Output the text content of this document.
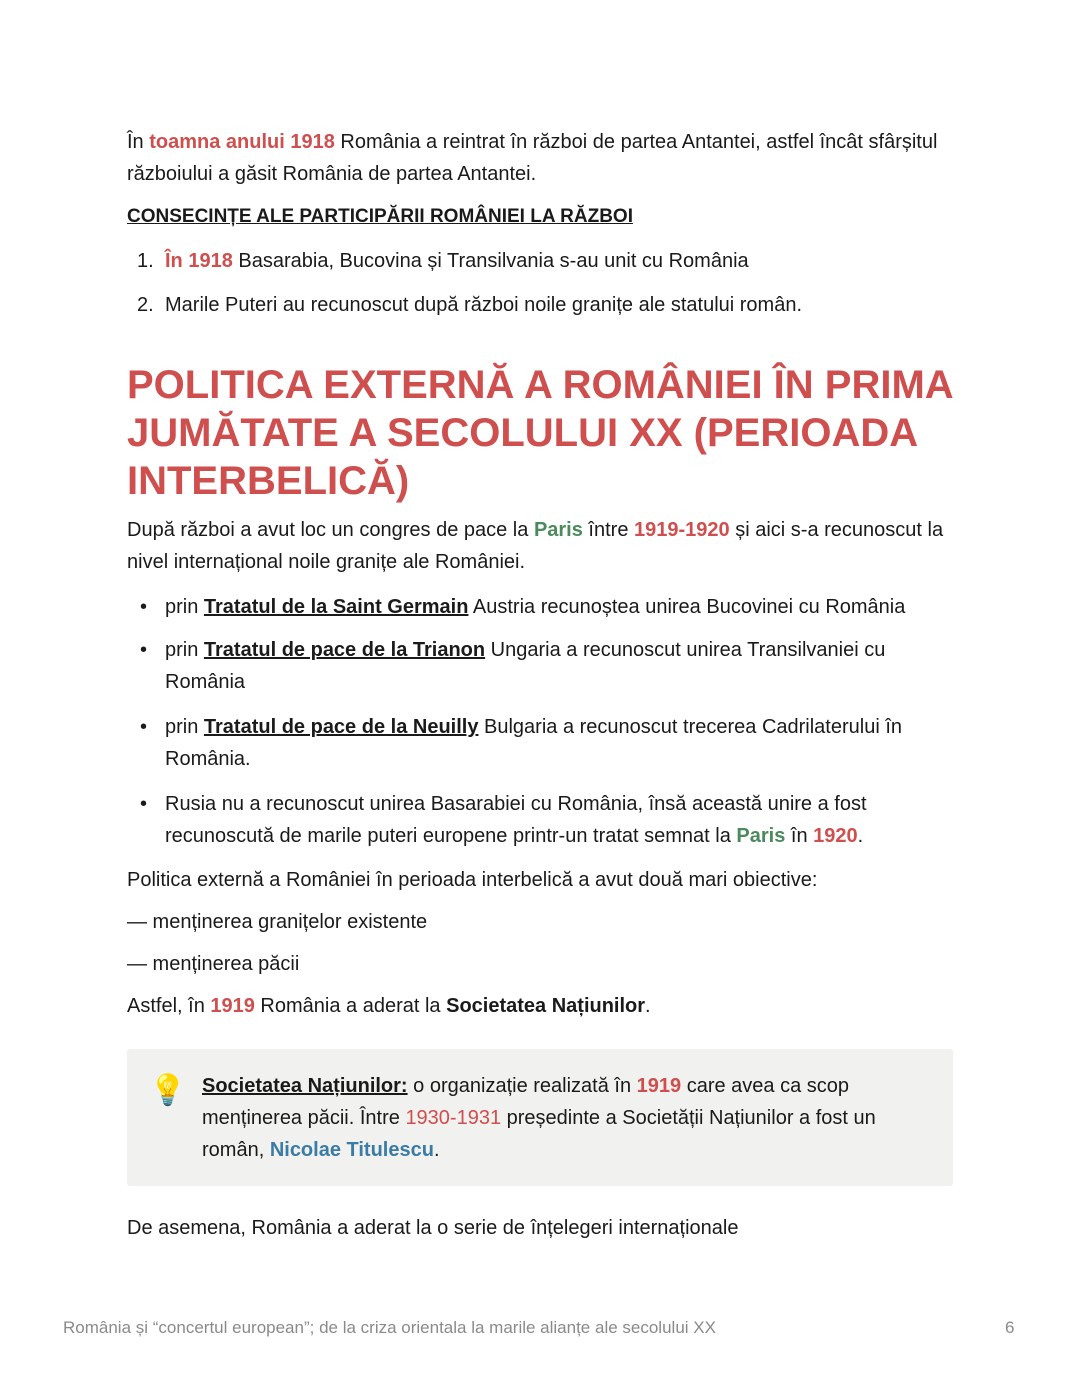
În toamna anului 1918 România a reintrat în război de partea Antantei, astfel încât sfârșitul războiului a găsit România de partea Antantei.
CONSECINȚE ALE PARTICIPĂRII ROMÂNIEI LA RĂZBOI
1. În 1918 Basarabia, Bucovina și Transilvania s-au unit cu România
2. Marile Puteri au recunoscut după război noile granițe ale statului român.
POLITICA EXTERNĂ A ROMÂNIEI ÎN PRIMA JUMĂTATE A SECOLULUI XX (PERIOADA INTERBELICĂ)
După război a avut loc un congres de pace la Paris între 1919-1920 și aici s-a recunoscut la nivel internațional noile granițe ale României.
• prin Tratatul de la Saint Germain Austria recunoștea unirea Bucovinei cu România
• prin Tratatul de pace de la Trianon Ungaria a recunoscut unirea Transilvaniei cu România
• prin Tratatul de pace de la Neuilly Bulgaria a recunoscut trecerea Cadrilaterului în România.
• Rusia nu a recunoscut unirea Basarabiei cu România, însă această unire a fost recunoscută de marile puteri europene printr-un tratat semnat la Paris în 1920.
Politica externă a României în perioada interbelică a avut două mari obiective:
— menținerea granițelor existente
— menținerea păcii
Astfel, în 1919 România a aderat la Societatea Națiunilor.
💡 Societatea Națiunilor: o organizație realizată în 1919 care avea ca scop menținerea păcii. Între 1930-1931 președinte a Societății Națiunilor a fost un român, Nicolae Titulescu.
De asemena, România a aderat la o serie de înțelegeri internaționale
România și “concertul european”; de la criza orientala la marile alianțe ale secolului XX	6
